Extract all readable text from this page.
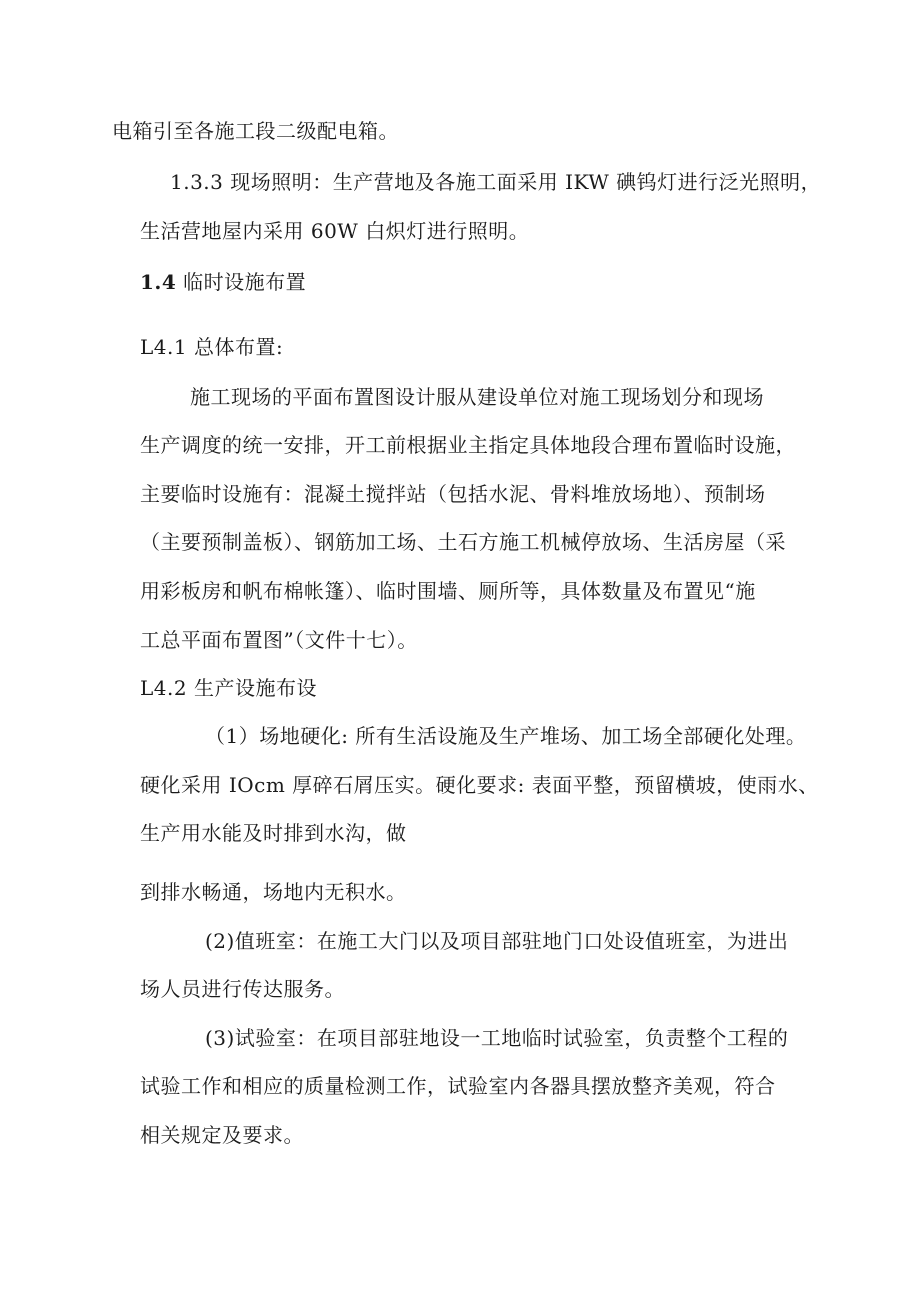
电箱引至各施工段二级配电箱。
1.3.3 现场照明：生产营地及各施工面采用 IKW 碘钨灯进行泛光照明，
生活营地屋内采用 60W 白炽灯进行照明。
1.4 临时设施布置
L4.1 总体布置:
施工现场的平面布置图设计服从建设单位对施工现场划分和现场
生产调度的统一安排，开工前根据业主指定具体地段合理布置临时设施，
主要临时设施有：混凝土搅拌站（包括水泥、骨料堆放场地）、预制场
（主要预制盖板）、钢筋加工场、土石方施工机械停放场、生活房屋（采
用彩板房和帆布棉帐篷）、临时围墙、厕所等，具体数量及布置见“施
工总平面布置图”（文件十七）。
L4.2 生产设施布设
（1）场地硬化: 所有生活设施及生产堆场、加工场全部硬化处理。
硬化采用 IOcm 厚碎石屑压实。硬化要求: 表面平整，预留横坡，使雨水、
生产用水能及时排到水沟，做
到排水畅通，场地内无积水。
(2)值班室：在施工大门以及项目部驻地门口处设值班室，为进出
场人员进行传达服务。
(3)试验室：在项目部驻地设一工地临时试验室，负责整个工程的
试验工作和相应的质量检测工作，试验室内各器具摆放整齐美观，符合
相关规定及要求。
